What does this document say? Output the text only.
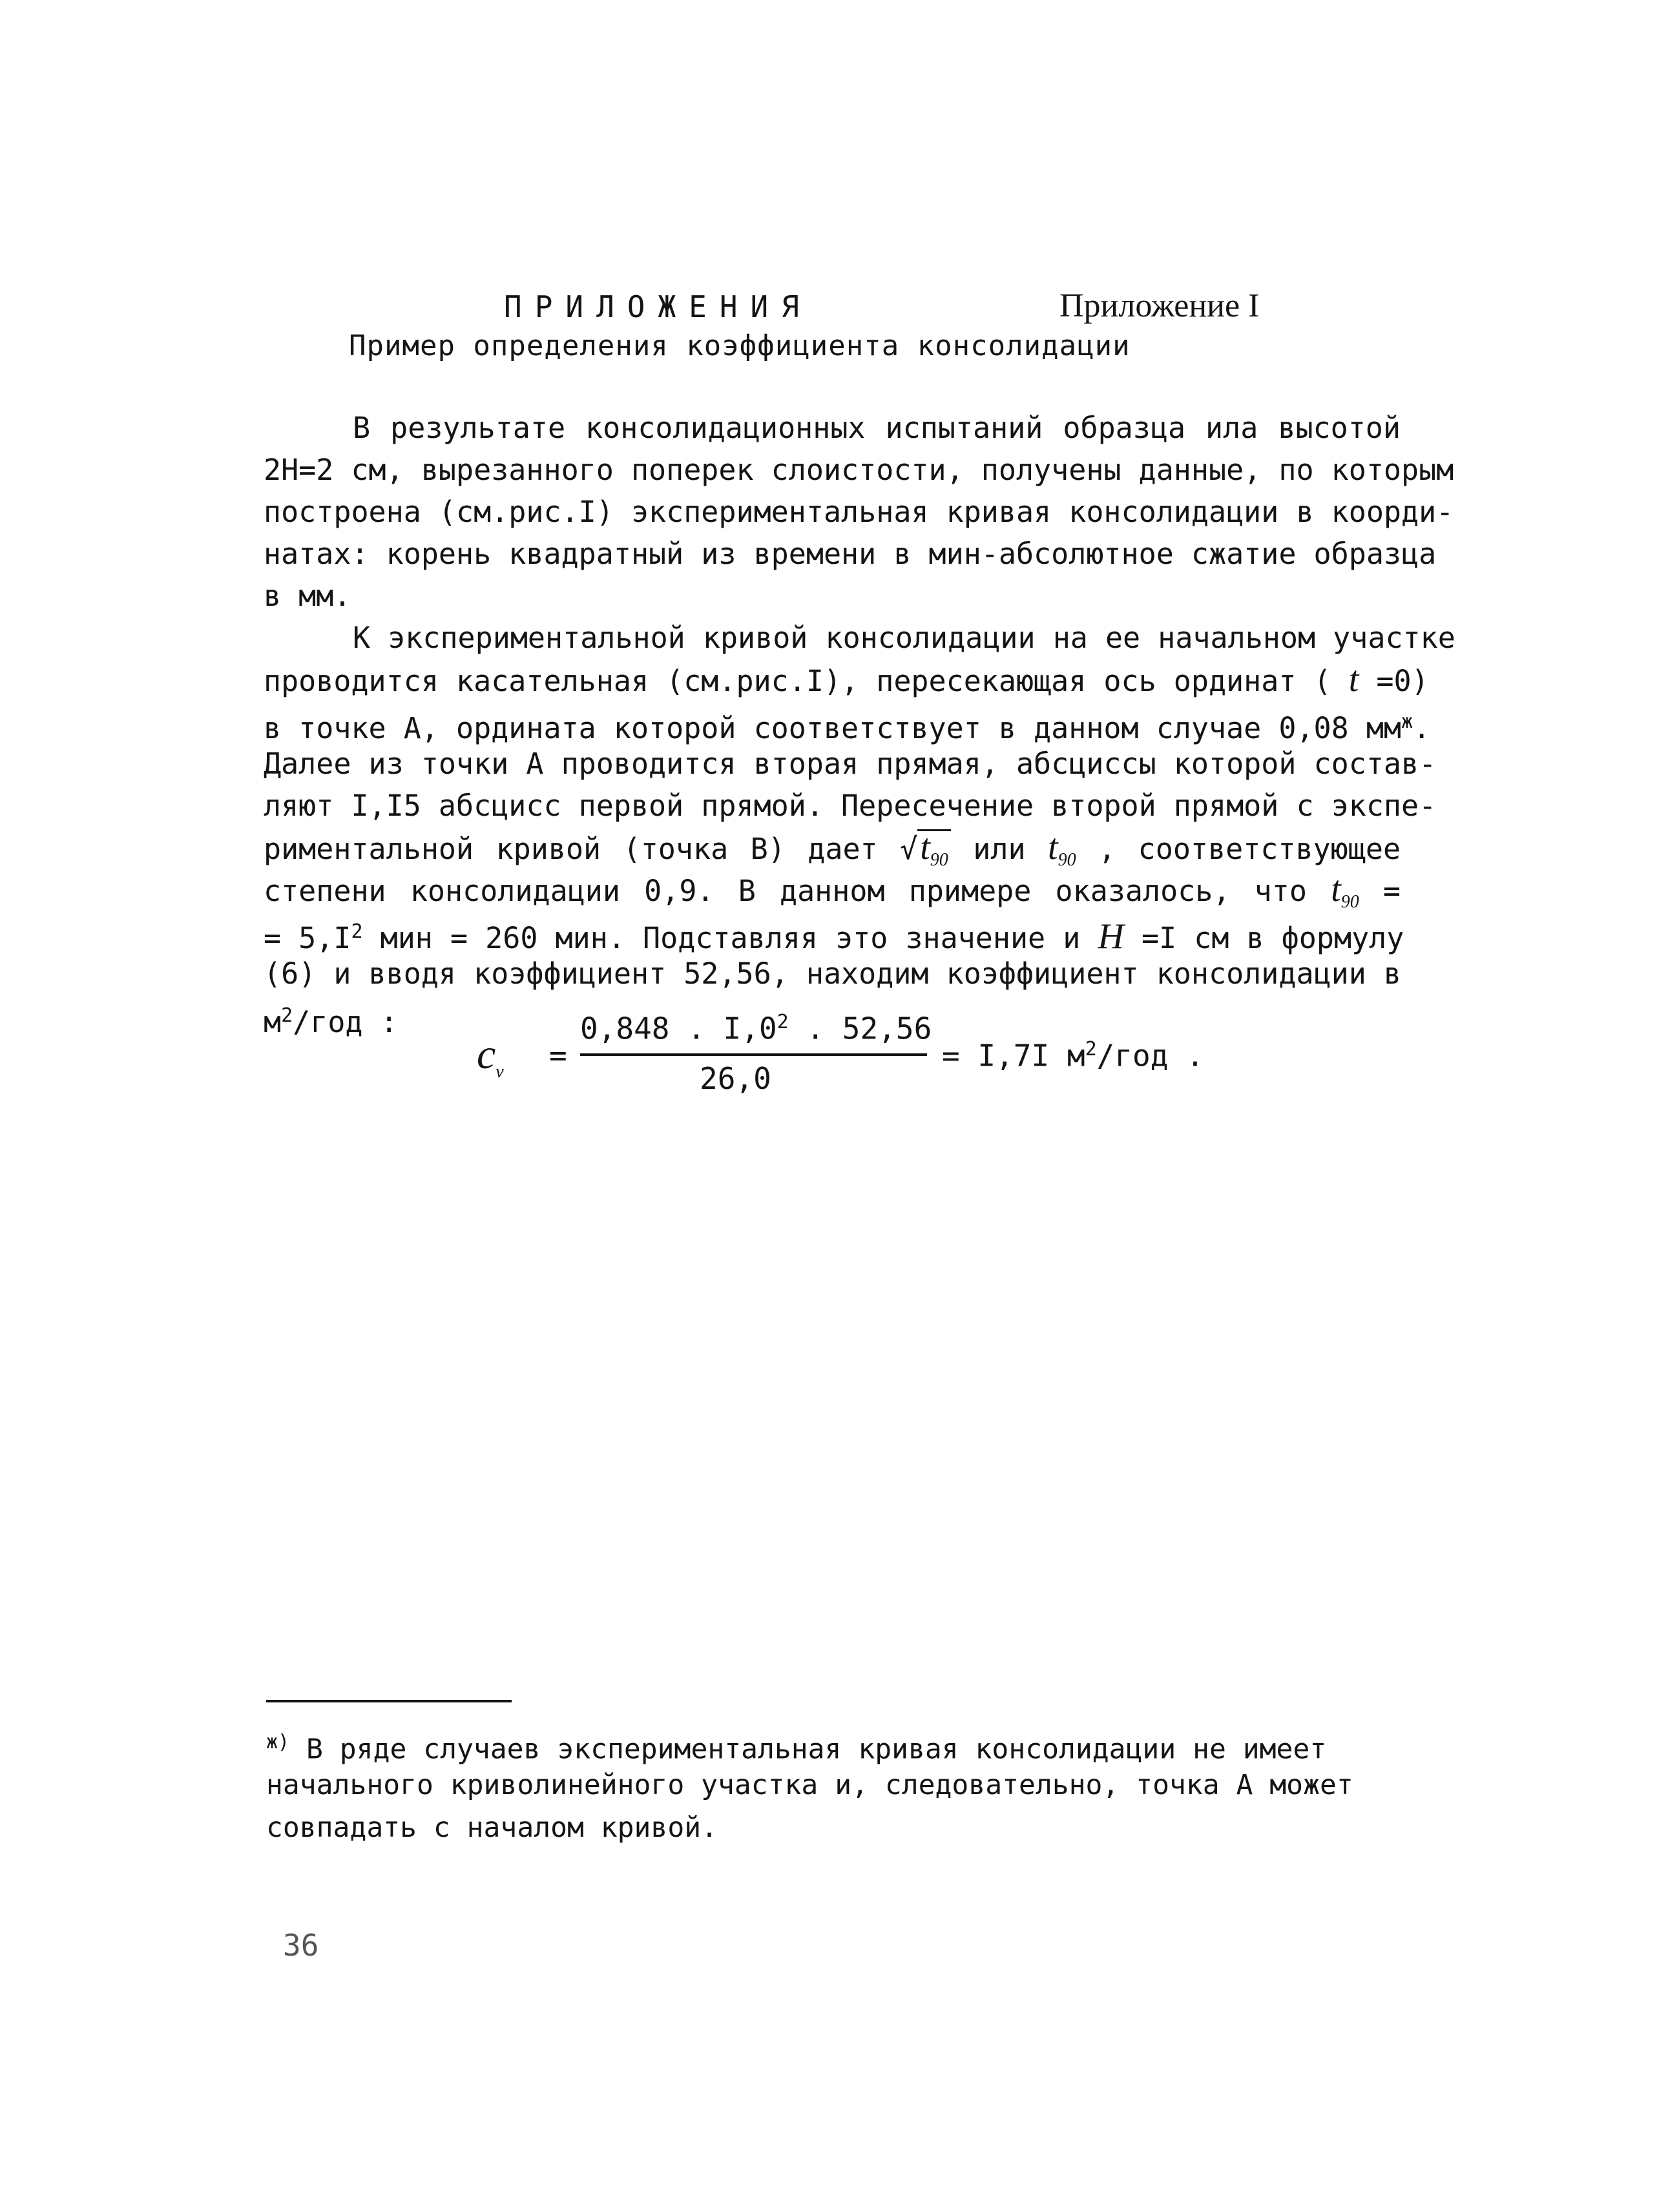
ПРИЛОЖЕНИЯ	Приложение I
Пример определения коэффициента консолидации
В результате консолидационных испытаний образца ила высотой
2Н=2 см, вырезанного поперек слоистости, получены данные, по которым
построена (см.рис.I) экспериментальная кривая консолидации в коорди-
натах: корень квадратный из времени в мин-абсолютное сжатие образца
в мм.
К экспериментальной кривой консолидации на ее начальном участке
проводится касательная (см.рис.I), пересекающая ось ординат ( t =0)
в точке А, ордината которой соответствует в данном случае 0,08 $мм^ж$.
Далее из точки А проводится вторая прямая, абсциссы которой состав-
ляют I,I5 абсцисс первой прямой. Пересечение второй прямой с экспе-
риментальной кривой (точка В) дает $√t_{90}$ или $t_{90}$ , соответствующее
степени консолидации 0,9. В данном примере оказалось, что $t_{90}$ =
= $5,I^2$ мин = 260 мин. Подставляя это значение и H =I см в формулу
(6) и вводя коэффициент 52,56, находим коэффициент консолидации в
$м^2$/год :
$c_v$ =
0,848 . $I,0^2$ . 52,56
26,0
= I,7I $м^2$/год .
$^{ж)}$ В ряде случаев экспериментальная кривая консолидации не имеет
начального криволинейного участка и, следовательно, точка А может
совпадать с началом кривой.
36
